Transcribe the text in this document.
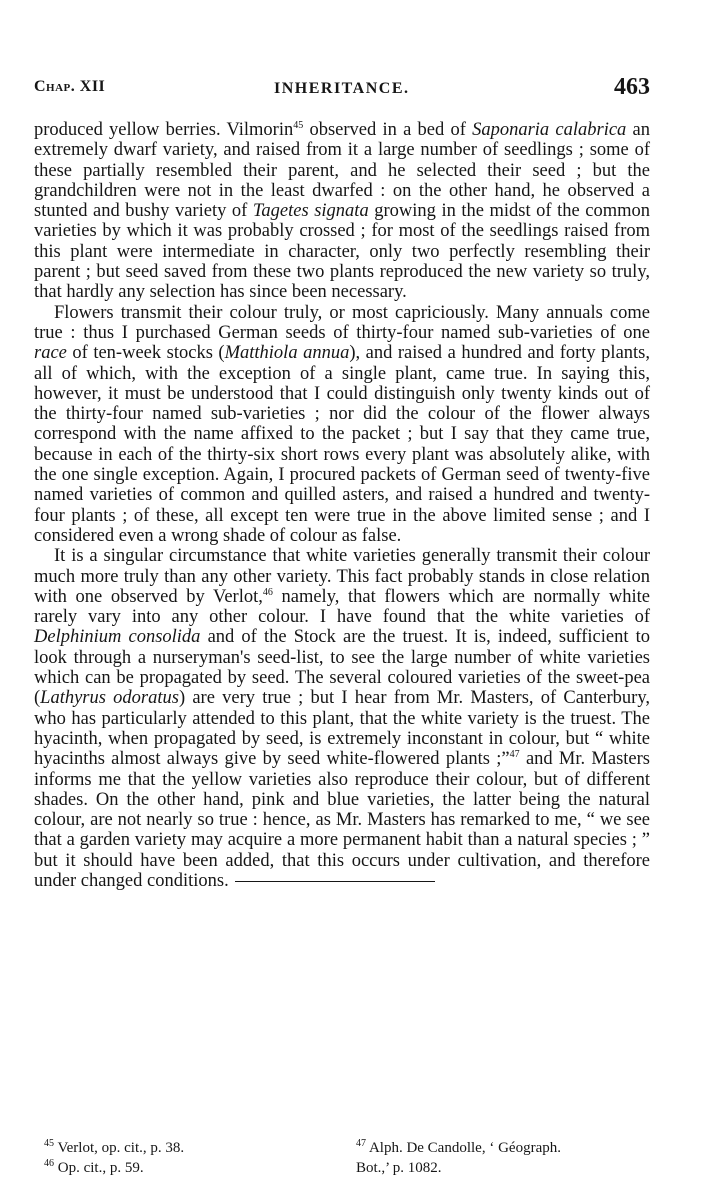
Chap. XII	INHERITANCE.	463

produced yellow berries. Vilmorin$^{45}$ observed in a bed of Saponaria calabrica an extremely dwarf variety, and raised from it a large number of seedlings ; some of these partially resembled their parent, and he selected their seed ; but the grandchildren were not in the least dwarfed : on the other hand, he observed a stunted and bushy variety of Tagetes signata growing in the midst of the common varieties by which it was probably crossed ; for most of the seedlings raised from this plant were intermediate in character, only two perfectly resembling their parent ; but seed saved from these two plants reproduced the new variety so truly, that hardly any selection has since been necessary.

Flowers transmit their colour truly, or most capriciously. Many annuals come true : thus I purchased German seeds of thirty-four named sub-varieties of one race of ten-week stocks (Matthiola annua), and raised a hundred and forty plants, all of which, with the exception of a single plant, came true. In saying this, however, it must be understood that I could distinguish only twenty kinds out of the thirty-four named sub-varieties ; nor did the colour of the flower always correspond with the name affixed to the packet ; but I say that they came true, because in each of the thirty-six short rows every plant was absolutely alike, with the one single exception. Again, I procured packets of German seed of twenty-five named varieties of common and quilled asters, and raised a hundred and twenty-four plants ; of these, all except ten were true in the above limited sense ; and I considered even a wrong shade of colour as false.

It is a singular circumstance that white varieties generally transmit their colour much more truly than any other variety. This fact probably stands in close relation with one observed by Verlot,$^{46}$ namely, that flowers which are normally white rarely vary into any other colour. I have found that the white varieties of Delphinium consolida and of the Stock are the truest. It is, indeed, sufficient to look through a nurseryman's seed-list, to see the large number of white varieties which can be propagated by seed. The several coloured varieties of the sweet-pea (Lathyrus odoratus) are very true ; but I hear from Mr. Masters, of Canterbury, who has particularly attended to this plant, that the white variety is the truest. The hyacinth, when propagated by seed, is extremely inconstant in colour, but “ white hyacinths almost always give by seed white-flowered plants ;”$^{47}$ and Mr. Masters informs me that the yellow varieties also reproduce their colour, but of different shades. On the other hand, pink and blue varieties, the latter being the natural colour, are not nearly so true : hence, as Mr. Masters has remarked to me, “ we see that a garden variety may acquire a more permanent habit than a natural species ; ” but it should have been added, that this occurs under cultivation, and therefore under changed conditions.

$^{45}$ Verlot, op. cit., p. 38.
$^{46}$ Op. cit., p. 59.
$^{47}$ Alph. De Candolle, ‘ Géograph.
Bot.,’ p. 1082.
